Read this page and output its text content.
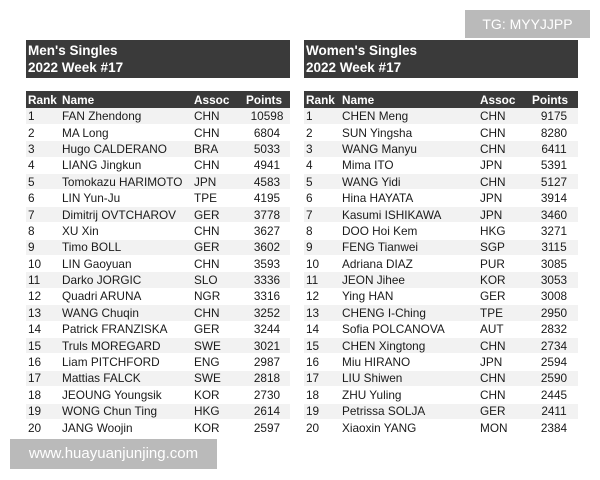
Men's Singles
2022 Week #17
Rank	Name	Assoc	Points
1	FAN Zhendong	CHN	10598
2	MA Long	CHN	6804
3	Hugo CALDERANO	BRA	5033
4	LIANG Jingkun	CHN	4941
5	Tomokazu HARIMOTO	JPN	4583
6	LIN Yun-Ju	TPE	4195
7	Dimitrij OVTCHAROV	GER	3778
8	XU Xin	CHN	3627
9	Timo BOLL	GER	3602
10	LIN Gaoyuan	CHN	3593
11	Darko JORGIC	SLO	3336
12	Quadri ARUNA	NGR	3316
13	WANG Chuqin	CHN	3252
14	Patrick FRANZISKA	GER	3244
15	Truls MOREGARD	SWE	3021
16	Liam PITCHFORD	ENG	2987
17	Mattias FALCK	SWE	2818
18	JEOUNG Youngsik	KOR	2730
19	WONG Chun Ting	HKG	2614
20	JANG Woojin	KOR	2597
Women's Singles
2022 Week #17
Rank	Name	Assoc	Points
1	CHEN Meng	CHN	9175
2	SUN Yingsha	CHN	8280
3	WANG Manyu	CHN	6411
4	Mima ITO	JPN	5391
5	WANG Yidi	CHN	5127
6	Hina HAYATA	JPN	3914
7	Kasumi ISHIKAWA	JPN	3460
8	DOO Hoi Kem	HKG	3271
9	FENG Tianwei	SGP	3115
10	Adriana DIAZ	PUR	3085
11	JEON Jihee	KOR	3053
12	Ying HAN	GER	3008
13	CHENG I-Ching	TPE	2950
14	Sofia POLCANOVA	AUT	2832
15	CHEN Xingtong	CHN	2734
16	Miu HIRANO	JPN	2594
17	LIU Shiwen	CHN	2590
18	ZHU Yuling	CHN	2445
19	Petrissa SOLJA	GER	2411
20	Xiaoxin YANG	MON	2384
TG: MYYJJPP
www.huayuanjunjing.com
